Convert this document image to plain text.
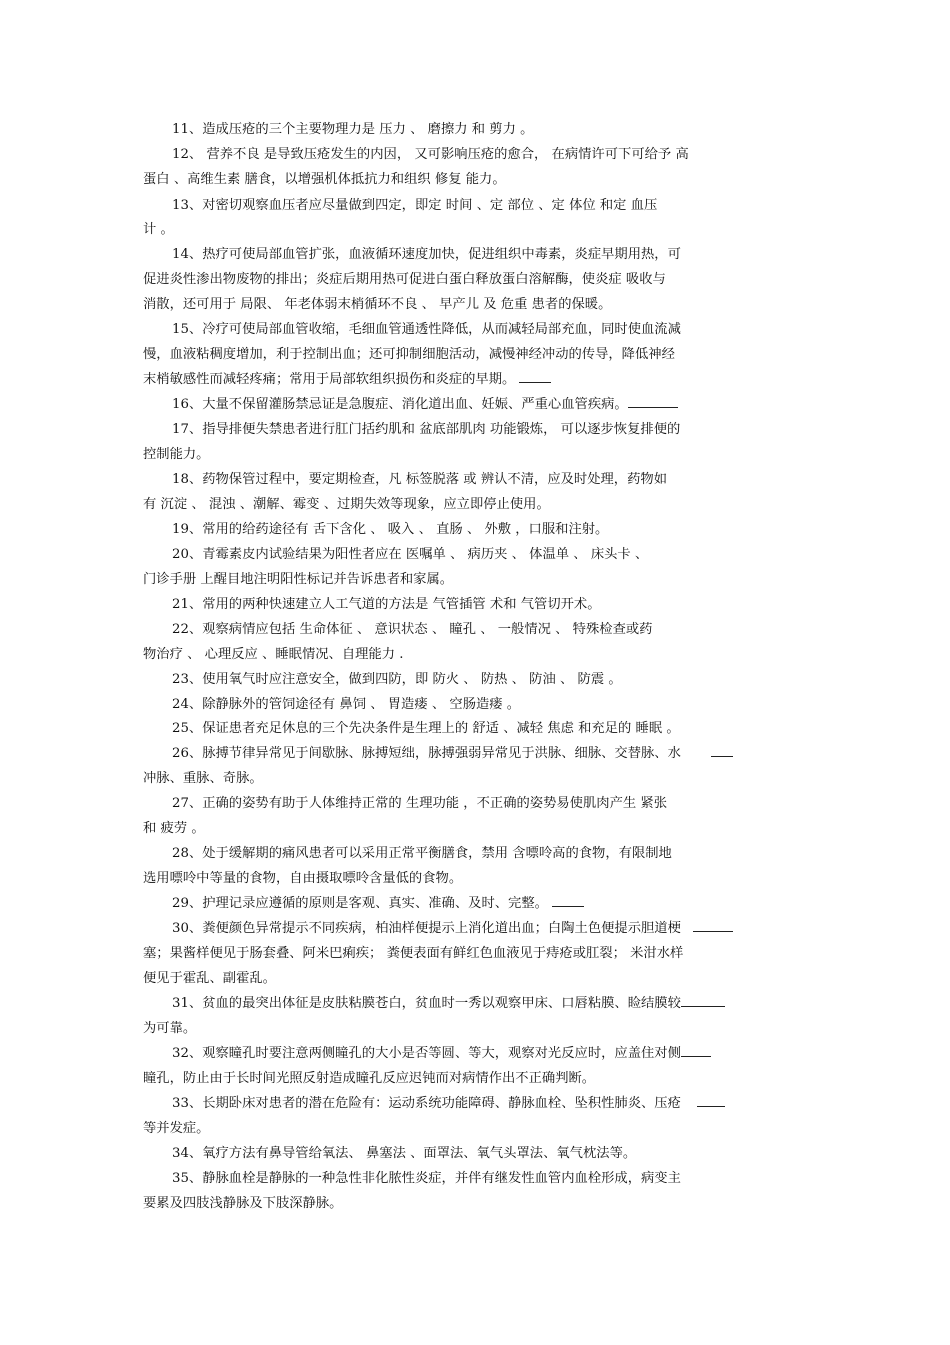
11、造成压疮的三个主要物理力是 压力 、 磨擦力 和 剪力 。
12、 营养不良 是导致压疮发生的内因， 又可影响压疮的愈合， 在病情许可下可给予 高
蛋白 、高维生素 膳食，以增强机体抵抗力和组织 修复 能力。
13、对密切观察血压者应尽量做到四定，即定 时间 、定 部位 、定 体位 和定 血压
计 。
14、热疗可使局部血管扩张，血液循环速度加快，促进组织中毒素，炎症早期用热，可
促进炎性渗出物废物的排出；炎症后期用热可促进白蛋白释放蛋白溶解酶，使炎症 吸收与
消散，还可用于 局限、 年老体弱末梢循环不良 、 早产儿 及 危重 患者的保暖。
15、冷疗可使局部血管收缩，毛细血管通透性降低，从而减轻局部充血，同时使血流减
慢，血液粘稠度增加，利于控制出血；还可抑制细胞活动，减慢神经冲动的传导，降低神经
末梢敏感性而减轻疼痛；常用于局部软组织损伤和炎症的早期。
16、大量不保留灌肠禁忌证是急腹症、消化道出血、妊娠、严重心血管疾病。
17、指导排便失禁患者进行肛门括约肌和 盆底部肌肉 功能锻炼， 可以逐步恢复排便的
控制能力。
18、药物保管过程中，要定期检查，凡 标签脱落 或 辨认不清，应及时处理，药物如
有 沉淀 、 混浊 、潮解、霉变 、过期失效等现象，应立即停止使用。
19、常用的给药途径有 舌下含化 、 吸入 、 直肠 、 外敷 ，口服和注射。
20、青霉素皮内试验结果为阳性者应在 医嘱单 、 病历夹 、 体温单 、 床头卡 、
门诊手册 上醒目地注明阳性标记并告诉患者和家属。
21、常用的两种快速建立人工气道的方法是 气管插管 术和 气管切开术。
22、观察病情应包括 生命体征 、 意识状态 、 瞳孔 、 一般情况 、 特殊检查或药
物治疗 、 心理反应 、睡眠情况、自理能力 .
23、使用氧气时应注意安全，做到四防，即 防火 、 防热 、 防油 、 防震 。
24、除静脉外的管饲途径有 鼻饲 、 胃造瘘 、 空肠造瘘 。
25、保证患者充足休息的三个先决条件是生理上的 舒适 、减轻 焦虑 和充足的 睡眠 。
26、脉搏节律异常见于间歇脉、脉搏短绌，脉搏强弱异常见于洪脉、细脉、交替脉、水
冲脉、重脉、奇脉。
27、正确的姿势有助于人体维持正常的 生理功能 ，不正确的姿势易使肌肉产生 紧张
和 疲劳 。
28、处于缓解期的痛风患者可以采用正常平衡膳食，禁用 含嘌呤高的食物，有限制地
选用嘌呤中等量的食物，自由摄取嘌呤含量低的食物。
29、护理记录应遵循的原则是客观、真实、准确、及时、完整。
30、粪便颜色异常提示不同疾病，柏油样便提示上消化道出血；白陶土色便提示胆道梗
塞；果酱样便见于肠套叠、阿米巴痢疾； 粪便表面有鲜红色血液见于痔疮或肛裂； 米泔水样
便见于霍乱、副霍乱。
31、贫血的最突出体征是皮肤粘膜苍白，贫血时一秀以观察甲床、口唇粘膜、睑结膜较
为可靠。
32、观察瞳孔时要注意两侧瞳孔的大小是否等圆、等大，观察对光反应时，应盖住对侧
瞳孔，防止由于长时间光照反射造成瞳孔反应迟钝而对病情作出不正确判断。
33、长期卧床对患者的潜在危险有：运动系统功能障碍、静脉血栓、坠积性肺炎、压疮
等并发症。
34、氧疗方法有鼻导管给氧法、 鼻塞法 、面罩法、氧气头罩法、氧气枕法等。
35、静脉血栓是静脉的一种急性非化脓性炎症，并伴有继发性血管内血栓形成，病变主
要累及四肢浅静脉及下肢深静脉。
